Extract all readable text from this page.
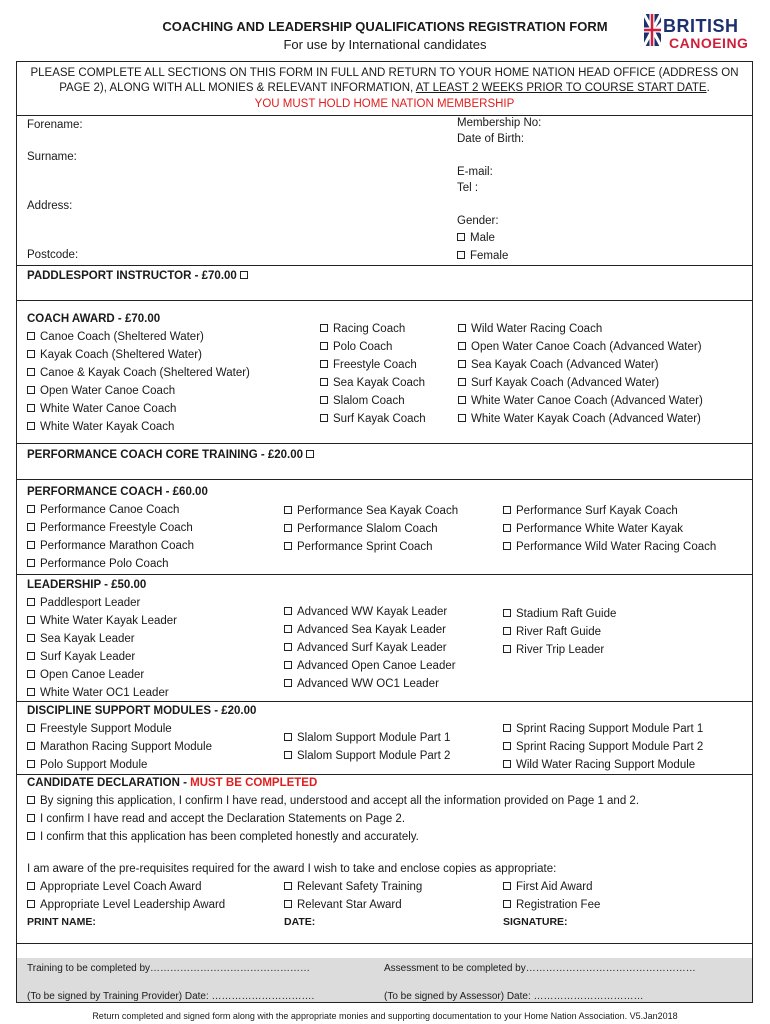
COACHING AND LEADERSHIP QUALIFICATIONS REGISTRATION FORM
For use by International candidates
BRITISH
CANOEING
PLEASE COMPLETE ALL SECTIONS ON THIS FORM IN FULL AND RETURN TO YOUR HOME NATION HEAD OFFICE (ADDRESS ON
PAGE 2), ALONG WITH ALL MONIES & RELEVANT INFORMATION, AT LEAST 2 WEEKS PRIOR TO COURSE START DATE.
YOU MUST HOLD HOME NATION MEMBERSHIP
Forename:
Surname:
Address:
Postcode:
Membership No:
Date of Birth:
E-mail:
Tel :
Gender:
Male
Female
PADDLESPORT INSTRUCTOR - £70.00
COACH AWARD - £70.00
Canoe Coach (Sheltered Water)
Kayak Coach (Sheltered Water)
Canoe & Kayak Coach (Sheltered Water)
Open Water Canoe Coach
White Water Canoe Coach
White Water Kayak Coach
Racing Coach
Polo Coach
Freestyle Coach
Sea Kayak Coach
Slalom Coach
Surf Kayak Coach
Wild Water Racing Coach
Open Water Canoe Coach (Advanced Water)
Sea Kayak Coach (Advanced Water)
Surf Kayak Coach (Advanced Water)
White Water Canoe Coach (Advanced Water)
White Water Kayak Coach (Advanced Water)
PERFORMANCE COACH CORE TRAINING - £20.00
PERFORMANCE COACH - £60.00
Performance Canoe Coach
Performance Freestyle Coach
Performance Marathon Coach
Performance Polo Coach
Performance Sea Kayak Coach
Performance Slalom Coach
Performance Sprint Coach
Performance Surf Kayak Coach
Performance White Water Kayak
Performance Wild Water Racing Coach
LEADERSHIP - £50.00
Paddlesport Leader
White Water Kayak Leader
Sea Kayak Leader
Surf Kayak Leader
Open Canoe Leader
White Water OC1 Leader
Advanced WW Kayak Leader
Advanced Sea Kayak Leader
Advanced Surf Kayak Leader
Advanced Open Canoe Leader
Advanced WW OC1 Leader
Stadium Raft Guide
River Raft Guide
River Trip Leader
DISCIPLINE SUPPORT MODULES - £20.00
Freestyle Support Module
Marathon Racing Support Module
Polo Support Module
Slalom Support Module Part 1
Slalom Support Module Part 2
Sprint Racing Support Module Part 1
Sprint Racing Support Module Part 2
Wild Water Racing Support Module
CANDIDATE DECLARATION - MUST BE COMPLETED
By signing this application, I confirm I have read, understood and accept all the information provided on Page 1 and 2.
I confirm I have read and accept the Declaration Statements on Page 2.
I confirm that this application has been completed honestly and accurately.
I am aware of the pre-requisites required for the award I wish to take and enclose copies as appropriate:
Appropriate Level Coach Award
Appropriate Level Leadership Award
Relevant Safety Training
Relevant Star Award
First Aid Award
Registration Fee
PRINT NAME:	DATE:	SIGNATURE:
Training to be completed by…………………………………………
(To be signed by Training Provider) Date: ………………………….
Assessment to be completed by……………………………………………
(To be signed by Assessor) Date: ……………………………
Return completed and signed form along with the appropriate monies and supporting documentation to your Home Nation Association. V5.Jan2018
